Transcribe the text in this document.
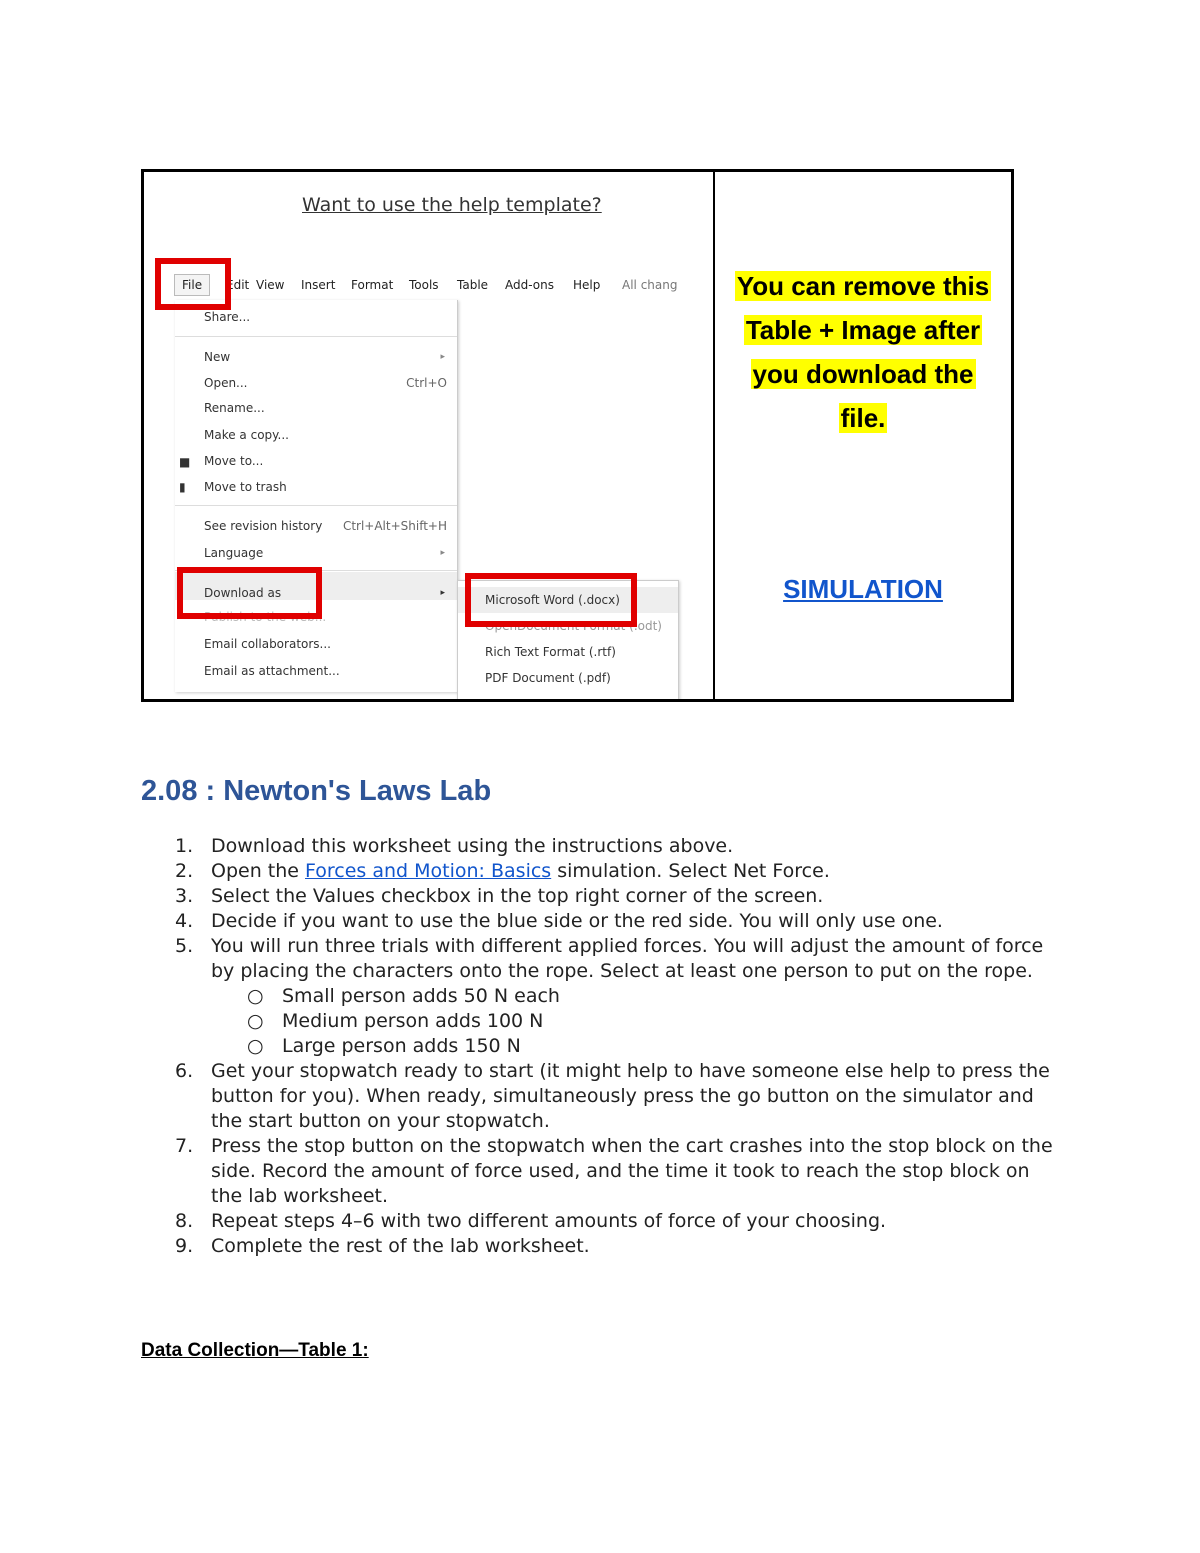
Want to use the help template?
File	Edit View Insert Format Tools Table Add-ons Help All chang
Share...
New	▸
Open...	Ctrl+O
Rename...
Make a copy...
■ Move to...
▮ Move to trash
See revision history Ctrl+Alt+Shift+H
Language	▸
Download as	▸
Publish to the web...
Email collaborators...
Email as attachment...
Microsoft Word (.docx)
OpenDocument Format (.odt)
Rich Text Format (.rtf)
PDF Document (.pdf)
You can remove this
Table + Image after
you download the
file.
SIMULATION
2.08 : Newton's Laws Lab
1. Download this worksheet using the instructions above.
2. Open the Forces and Motion: Basics simulation. Select Net Force.
3. Select the Values checkbox in the top right corner of the screen.
4. Decide if you want to use the blue side or the red side. You will only use one.
5. You will run three trials with different applied forces. You will adjust the amount of force by placing the characters onto the rope. Select at least one person to put on the rope.
○ Small person adds 50 N each
○ Medium person adds 100 N
○ Large person adds 150 N
6. Get your stopwatch ready to start (it might help to have someone else help to press the button for you). When ready, simultaneously press the go button on the simulator and the start button on your stopwatch.
7. Press the stop button on the stopwatch when the cart crashes into the stop block on the side. Record the amount of force used, and the time it took to reach the stop block on the lab worksheet.
8. Repeat steps 4–6 with two different amounts of force of your choosing.
9. Complete the rest of the lab worksheet.
Data Collection—Table 1:
